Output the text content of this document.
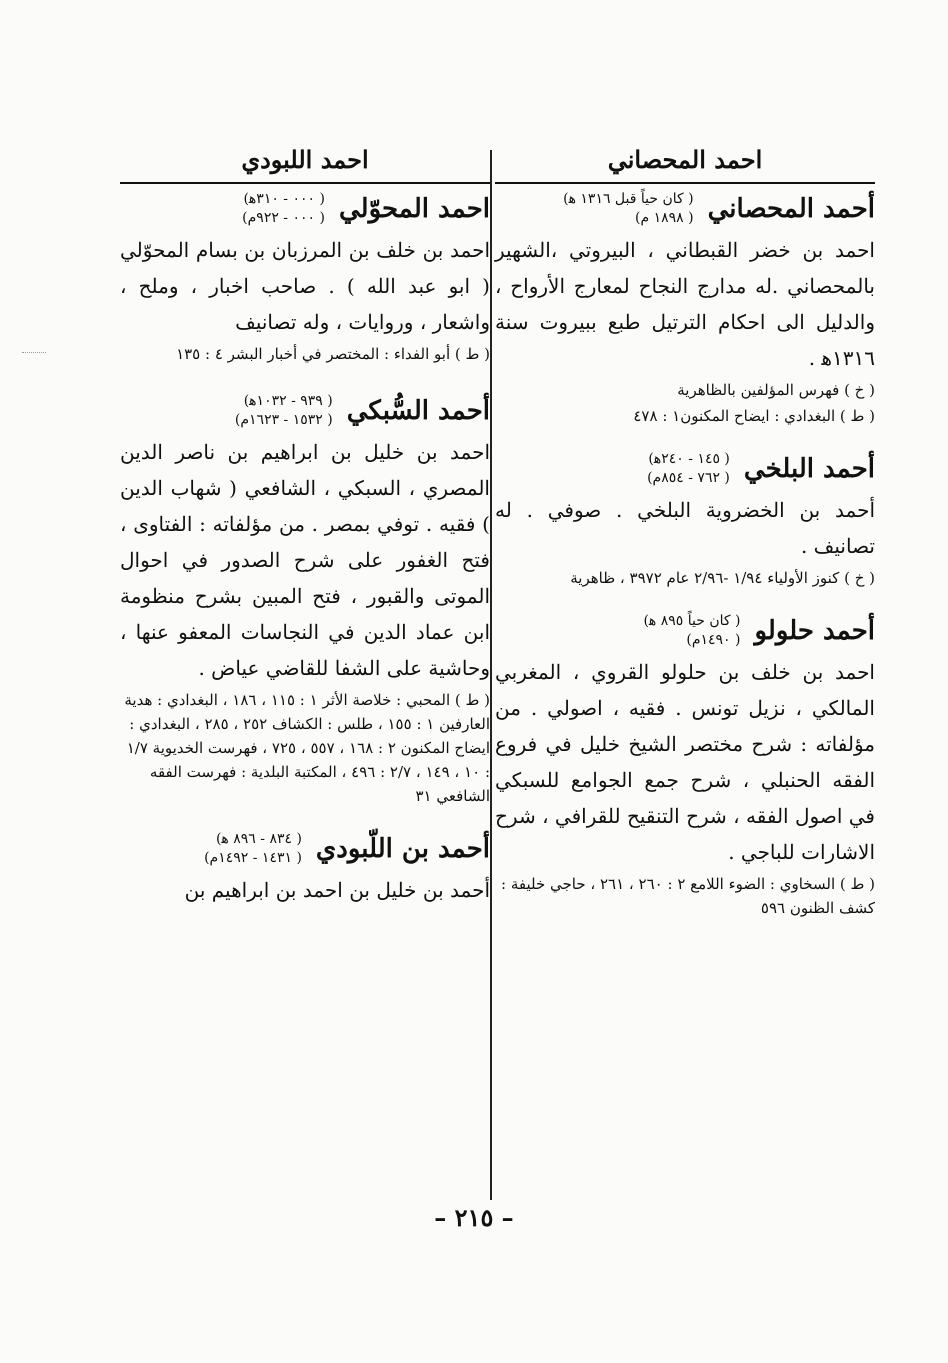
احمد المحصاني
أحمد المحصاني
( كان حياً قبل ١٣١٦ ﻫ)
( ١٨٩٨ م)
احمد بن خضر القبطاني ، البيروتي ،الشهير بالمحصاني .له مدارج النجاح لمعارج الأرواح ، والدليل الى احكام الترتيل طبع ببيروت سنة ١٣١٦ﻫ .
( خ ) فهرس المؤلفين بالظاهرية
( ط ) البغدادي : ايضاح المكنون١ : ٤٧٨
أحمد البلخي
( ١٤٥ - ٢٤٠ﻫ)
( ٧٦٢ - ٨٥٤م)
أحمد بن الخضروية البلخي . صوفي . له تصانيف .
( خ ) كنوز الأولياء ١/٩٤ -٢/٩٦ عام ٣٩٧٢ ، ظاهرية
أحمد حلولو
( كان حياً ٨٩٥ ﻫ)
( ١٤٩٠م)
احمد بن خلف بن حلولو القروي ، المغربي المالكي ، نزيل تونس . فقيه ، اصولي . من مؤلفاته : شرح مختصر الشيخ خليل في فروع الفقه الحنبلي ، شرح جمع الجوامع للسبكي في اصول الفقه ، شرح التنقيح للقرافي ، شرح الاشارات للباجي .
( ط ) السخاوي : الضوء اللامع ٢ : ٢٦٠ ، ٢٦١ ، حاجي خليفة : كشف الظنون ٥٩٦
احمد اللبودي
احمد المحوّلي
( ٠٠٠ - ٣١٠ﻫ)
( ٠٠٠ - ٩٢٢م)
احمد بن خلف بن المرزبان بن بسام المحوّلي ( ابو عبد الله ) . صاحب اخبار ، وملح ، واشعار ، وروايات ، وله تصانيف
( ط ) أبو الفداء : المختصر في أخبار البشر ٤ : ١٣٥
أحمد السُّبكي
( ٩٣٩ - ١٠٣٢ﻫ)
( ١٥٣٢ - ١٦٢٣م)
احمد بن خليل بن ابراهيم بن ناصر الدين المصري ، السبكي ، الشافعي ( شهاب الدين ) فقيه . توفي بمصر . من مؤلفاته : الفتاوى ، فتح الغفور على شرح الصدور في احوال الموتى والقبور ، فتح المبين بشرح منظومة ابن عماد الدين في النجاسات المعفو عنها ، وحاشية على الشفا للقاضي عياض .
( ط ) المحبي : خلاصة الأثر ١ : ١١٥ ، ١٨٦ ، البغدادي : هدية العارفين ١ : ١٥٥ ، طلس : الكشاف ٢٥٢ ، ٢٨٥ ، البغدادي : ايضاح المكنون ٢ : ١٦٨ ، ٥٥٧ ، ٧٢٥ ، فهرست الخديوية ١/٧ : ١٠ ، ١٤٩ ، ٢/٧ : ٤٩٦ ، المكتبة البلدية : فهرست الفقه الشافعي ٣١
أحمد بن اللّبودي
( ٨٣٤ - ٨٩٦ ﻫ)
( ١٤٣١ - ١٤٩٢م)
أحمد بن خليل بن احمد بن ابراهيم بن
– ٢١٥ –
